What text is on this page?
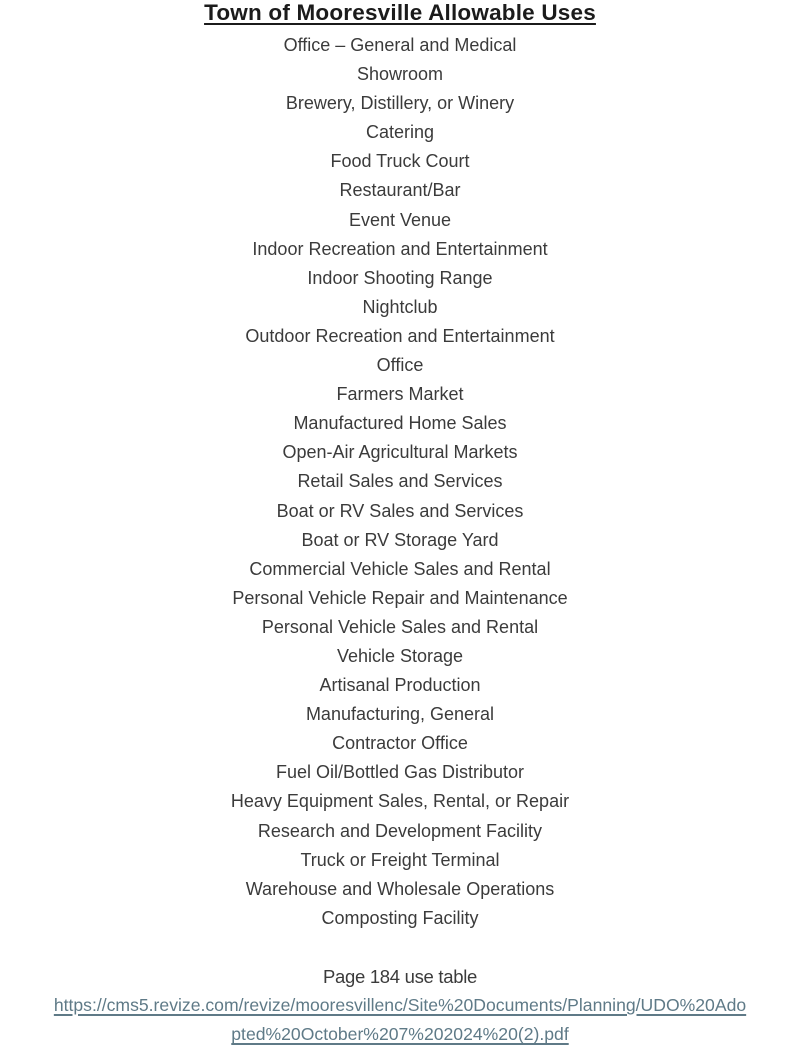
Town of Mooresville Allowable Uses
Office – General and Medical
Showroom
Brewery, Distillery, or Winery
Catering
Food Truck Court
Restaurant/Bar
Event Venue
Indoor Recreation and Entertainment
Indoor Shooting Range
Nightclub
Outdoor Recreation and Entertainment
Office
Farmers Market
Manufactured Home Sales
Open-Air Agricultural Markets
Retail Sales and Services
Boat or RV Sales and Services
Boat or RV Storage Yard
Commercial Vehicle Sales and Rental
Personal Vehicle Repair and Maintenance
Personal Vehicle Sales and Rental
Vehicle Storage
Artisanal Production
Manufacturing, General
Contractor Office
Fuel Oil/Bottled Gas Distributor
Heavy Equipment Sales, Rental, or Repair
Research and Development Facility
Truck or Freight Terminal
Warehouse and Wholesale Operations
Composting Facility
Page 184 use table
https://cms5.revize.com/revize/mooresvillenc/Site%20Documents/Planning/UDO%20Ado
pted%20October%207%202024%20(2).pdf
